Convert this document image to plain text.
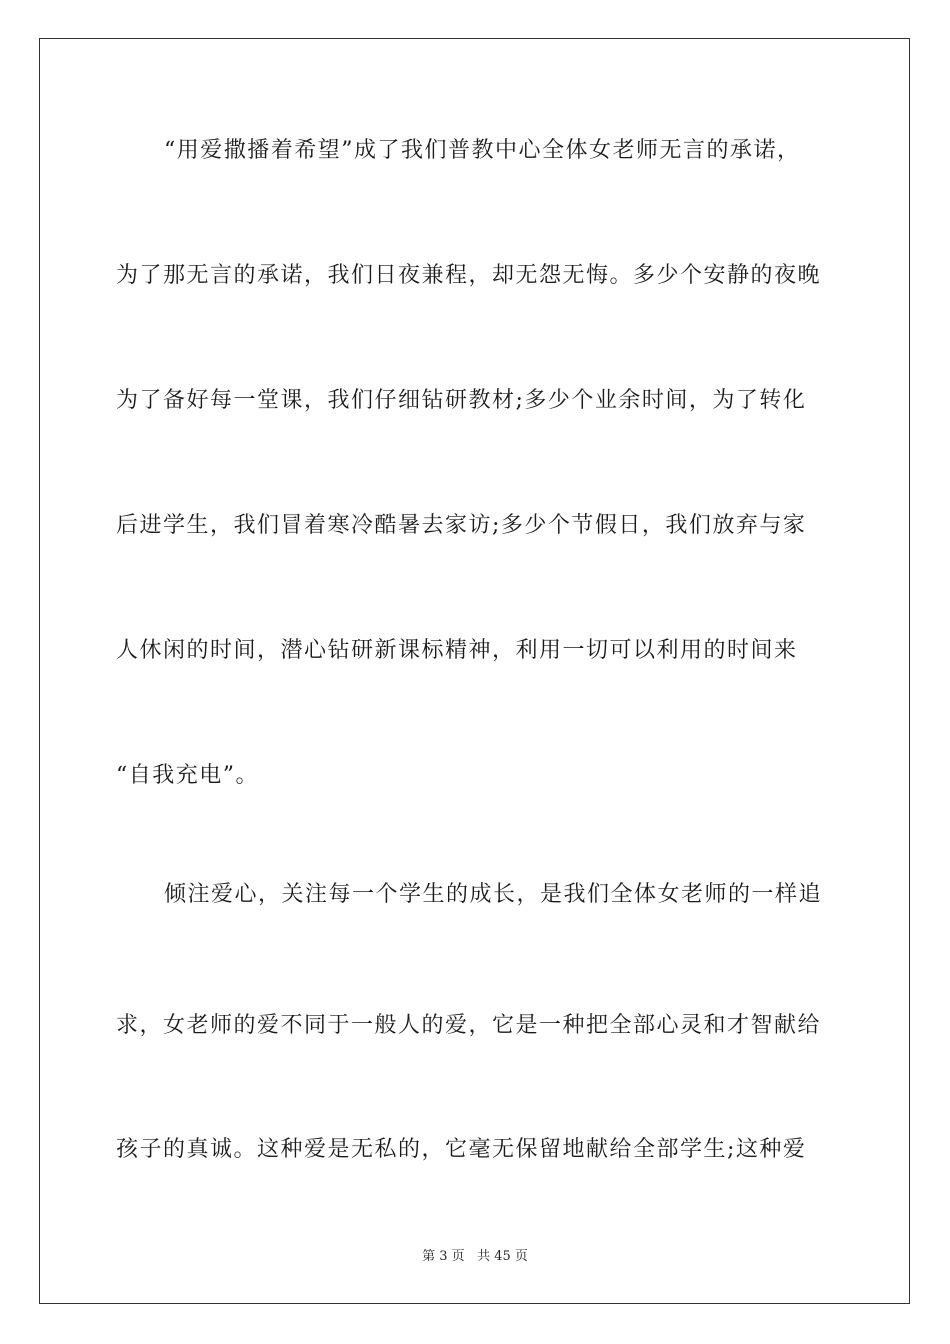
“用爱撒播着希望”成了我们普教中心全体女老师无言的承诺，
为了那无言的承诺，我们日夜兼程，却无怨无悔。多少个安静的夜晚
为了备好每一堂课，我们仔细钻研教材;多少个业余时间，为了转化
后进学生，我们冒着寒冷酷暑去家访;多少个节假日，我们放弃与家
人休闲的时间，潜心钻研新课标精神，利用一切可以利用的时间来
“自我充电”。
倾注爱心，关注每一个学生的成长，是我们全体女老师的一样追
求，女老师的爱不同于一般人的爱，它是一种把全部心灵和才智献给
孩子的真诚。这种爱是无私的，它毫无保留地献给全部学生;这种爱
第 3 页 共 45 页
